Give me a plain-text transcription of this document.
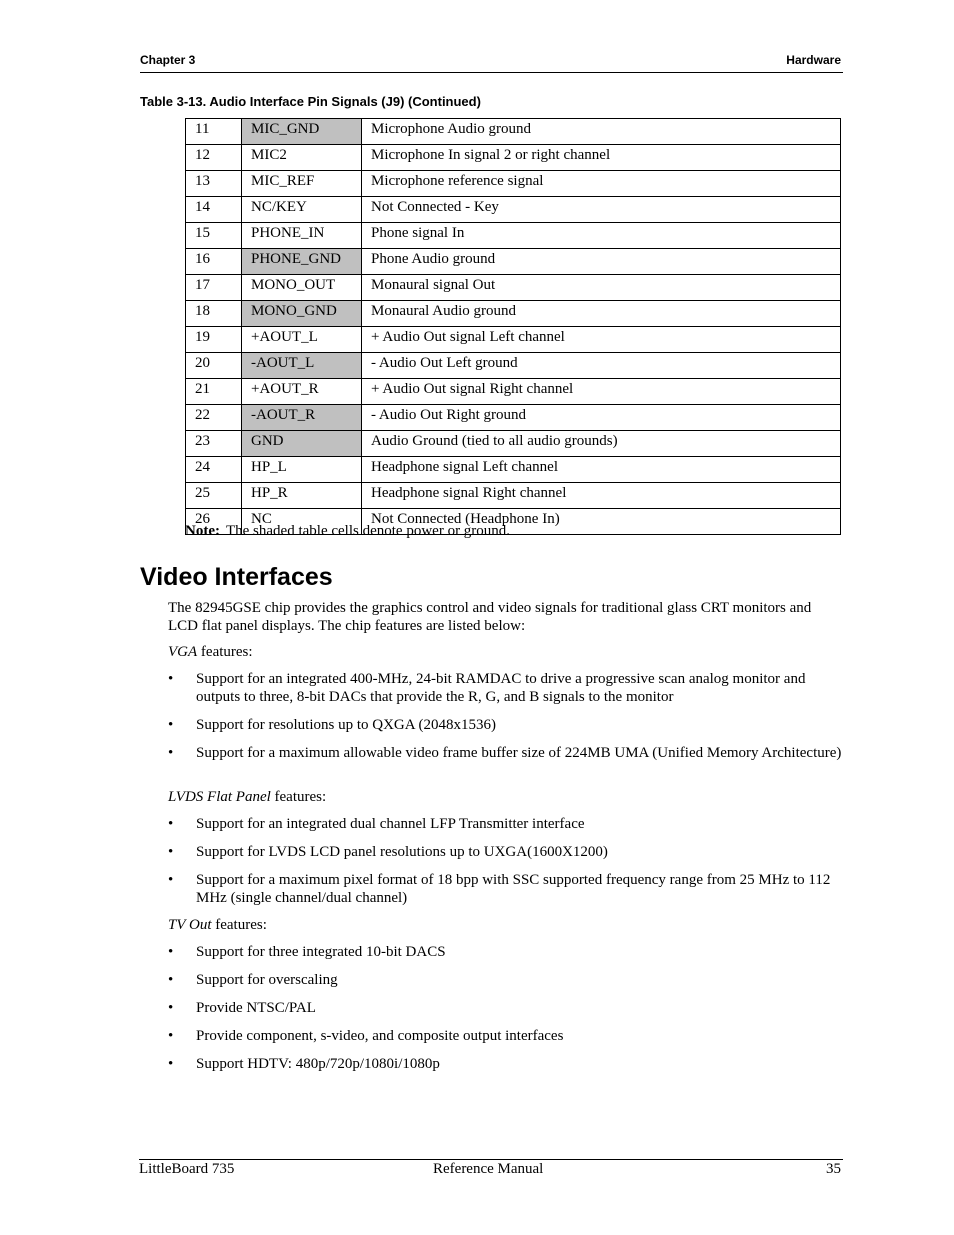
Chapter 3	Hardware
Table 3-13. Audio Interface Pin Signals (J9) (Continued)
11	MIC_GND	Microphone Audio ground
12	MIC2	Microphone In signal 2 or right channel
13	MIC_REF	Microphone reference signal
14	NC/KEY	Not Connected - Key
15	PHONE_IN	Phone signal In
16	PHONE_GND	Phone Audio ground
17	MONO_OUT	Monaural signal Out
18	MONO_GND	Monaural Audio ground
19	+AOUT_L	+ Audio Out signal Left channel
20	-AOUT_L	- Audio Out Left ground
21	+AOUT_R	+ Audio Out signal Right channel
22	-AOUT_R	- Audio Out Right ground
23	GND	Audio Ground (tied to all audio grounds)
24	HP_L	Headphone signal Left channel
25	HP_R	Headphone signal Right channel
26	NC	Not Connected (Headphone In)
Note: The shaded table cells denote power or ground.
Video Interfaces

The 82945GSE chip provides the graphics control and video signals for traditional glass CRT monitors and LCD flat panel displays. The chip features are listed below:

VGA features:

•	Support for an integrated 400-MHz, 24-bit RAMDAC to drive a progressive scan analog monitor and outputs to three, 8-bit DACs that provide the R, G, and B signals to the monitor
•	Support for resolutions up to QXGA (2048x1536)
•	Support for a maximum allowable video frame buffer size of 224MB UMA (Unified Memory Architecture)

LVDS Flat Panel features:

•	Support for an integrated dual channel LFP Transmitter interface
•	Support for LVDS LCD panel resolutions up to UXGA(1600X1200)
•	Support for a maximum pixel format of 18 bpp with SSC supported frequency range from 25 MHz to 112 MHz (single channel/dual channel)

TV Out features:

•	Support for three integrated 10-bit DACS
•	Support for overscaling
•	Provide NTSC/PAL
•	Provide component, s-video, and composite output interfaces
•	Support HDTV: 480p/720p/1080i/1080p
LittleBoard 735	Reference Manual	35
